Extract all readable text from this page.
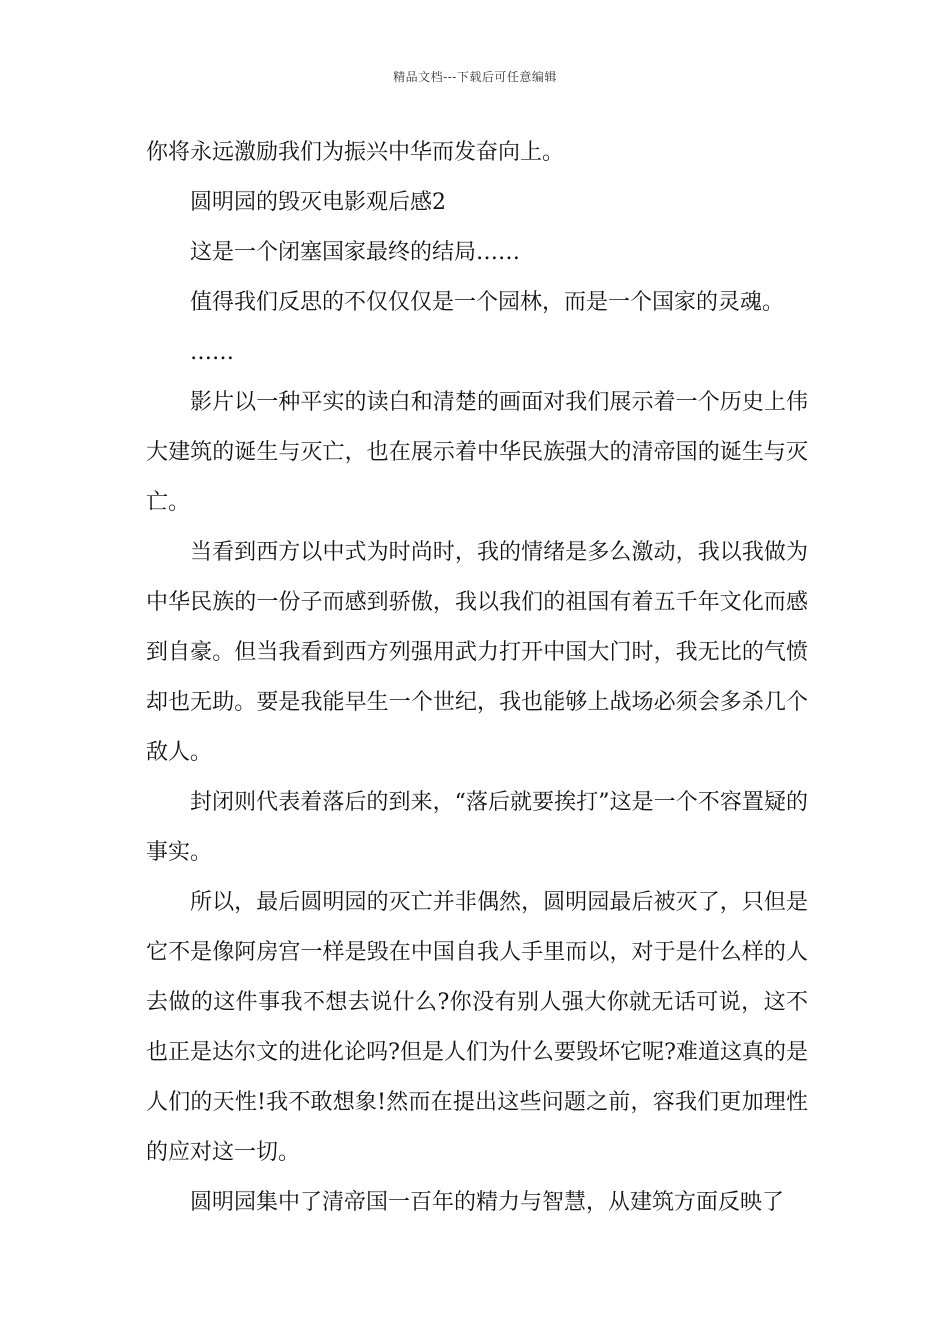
精品文档---下载后可任意编辑

你将永远激励我们为振兴中华而发奋向上。

圆明园的毁灭电影观后感2

这是一个闭塞国家最终的结局……

值得我们反思的不仅仅仅是一个园林，而是一个国家的灵魂。

……

影片以一种平实的读白和清楚的画面对我们展示着一个历史上伟大建筑的诞生与灭亡，也在展示着中华民族强大的清帝国的诞生与灭亡。

当看到西方以中式为时尚时，我的情绪是多么激动，我以我做为中华民族的一份子而感到骄傲，我以我们的祖国有着五千年文化而感到自豪。但当我看到西方列强用武力打开中国大门时，我无比的气愤却也无助。要是我能早生一个世纪，我也能够上战场必须会多杀几个敌人。

封闭则代表着落后的到来，“落后就要挨打”这是一个不容置疑的事实。

所以，最后圆明园的灭亡并非偶然，圆明园最后被灭了，只但是它不是像阿房宫一样是毁在中国自我人手里而以，对于是什么样的人去做的这件事我不想去说什么?你没有别人强大你就无话可说，这不也正是达尔文的进化论吗?但是人们为什么要毁坏它呢?难道这真的是人们的天性!我不敢想象!然而在提出这些问题之前，容我们更加理性的应对这一切。

圆明园集中了清帝国一百年的精力与智慧，从建筑方面反映了
